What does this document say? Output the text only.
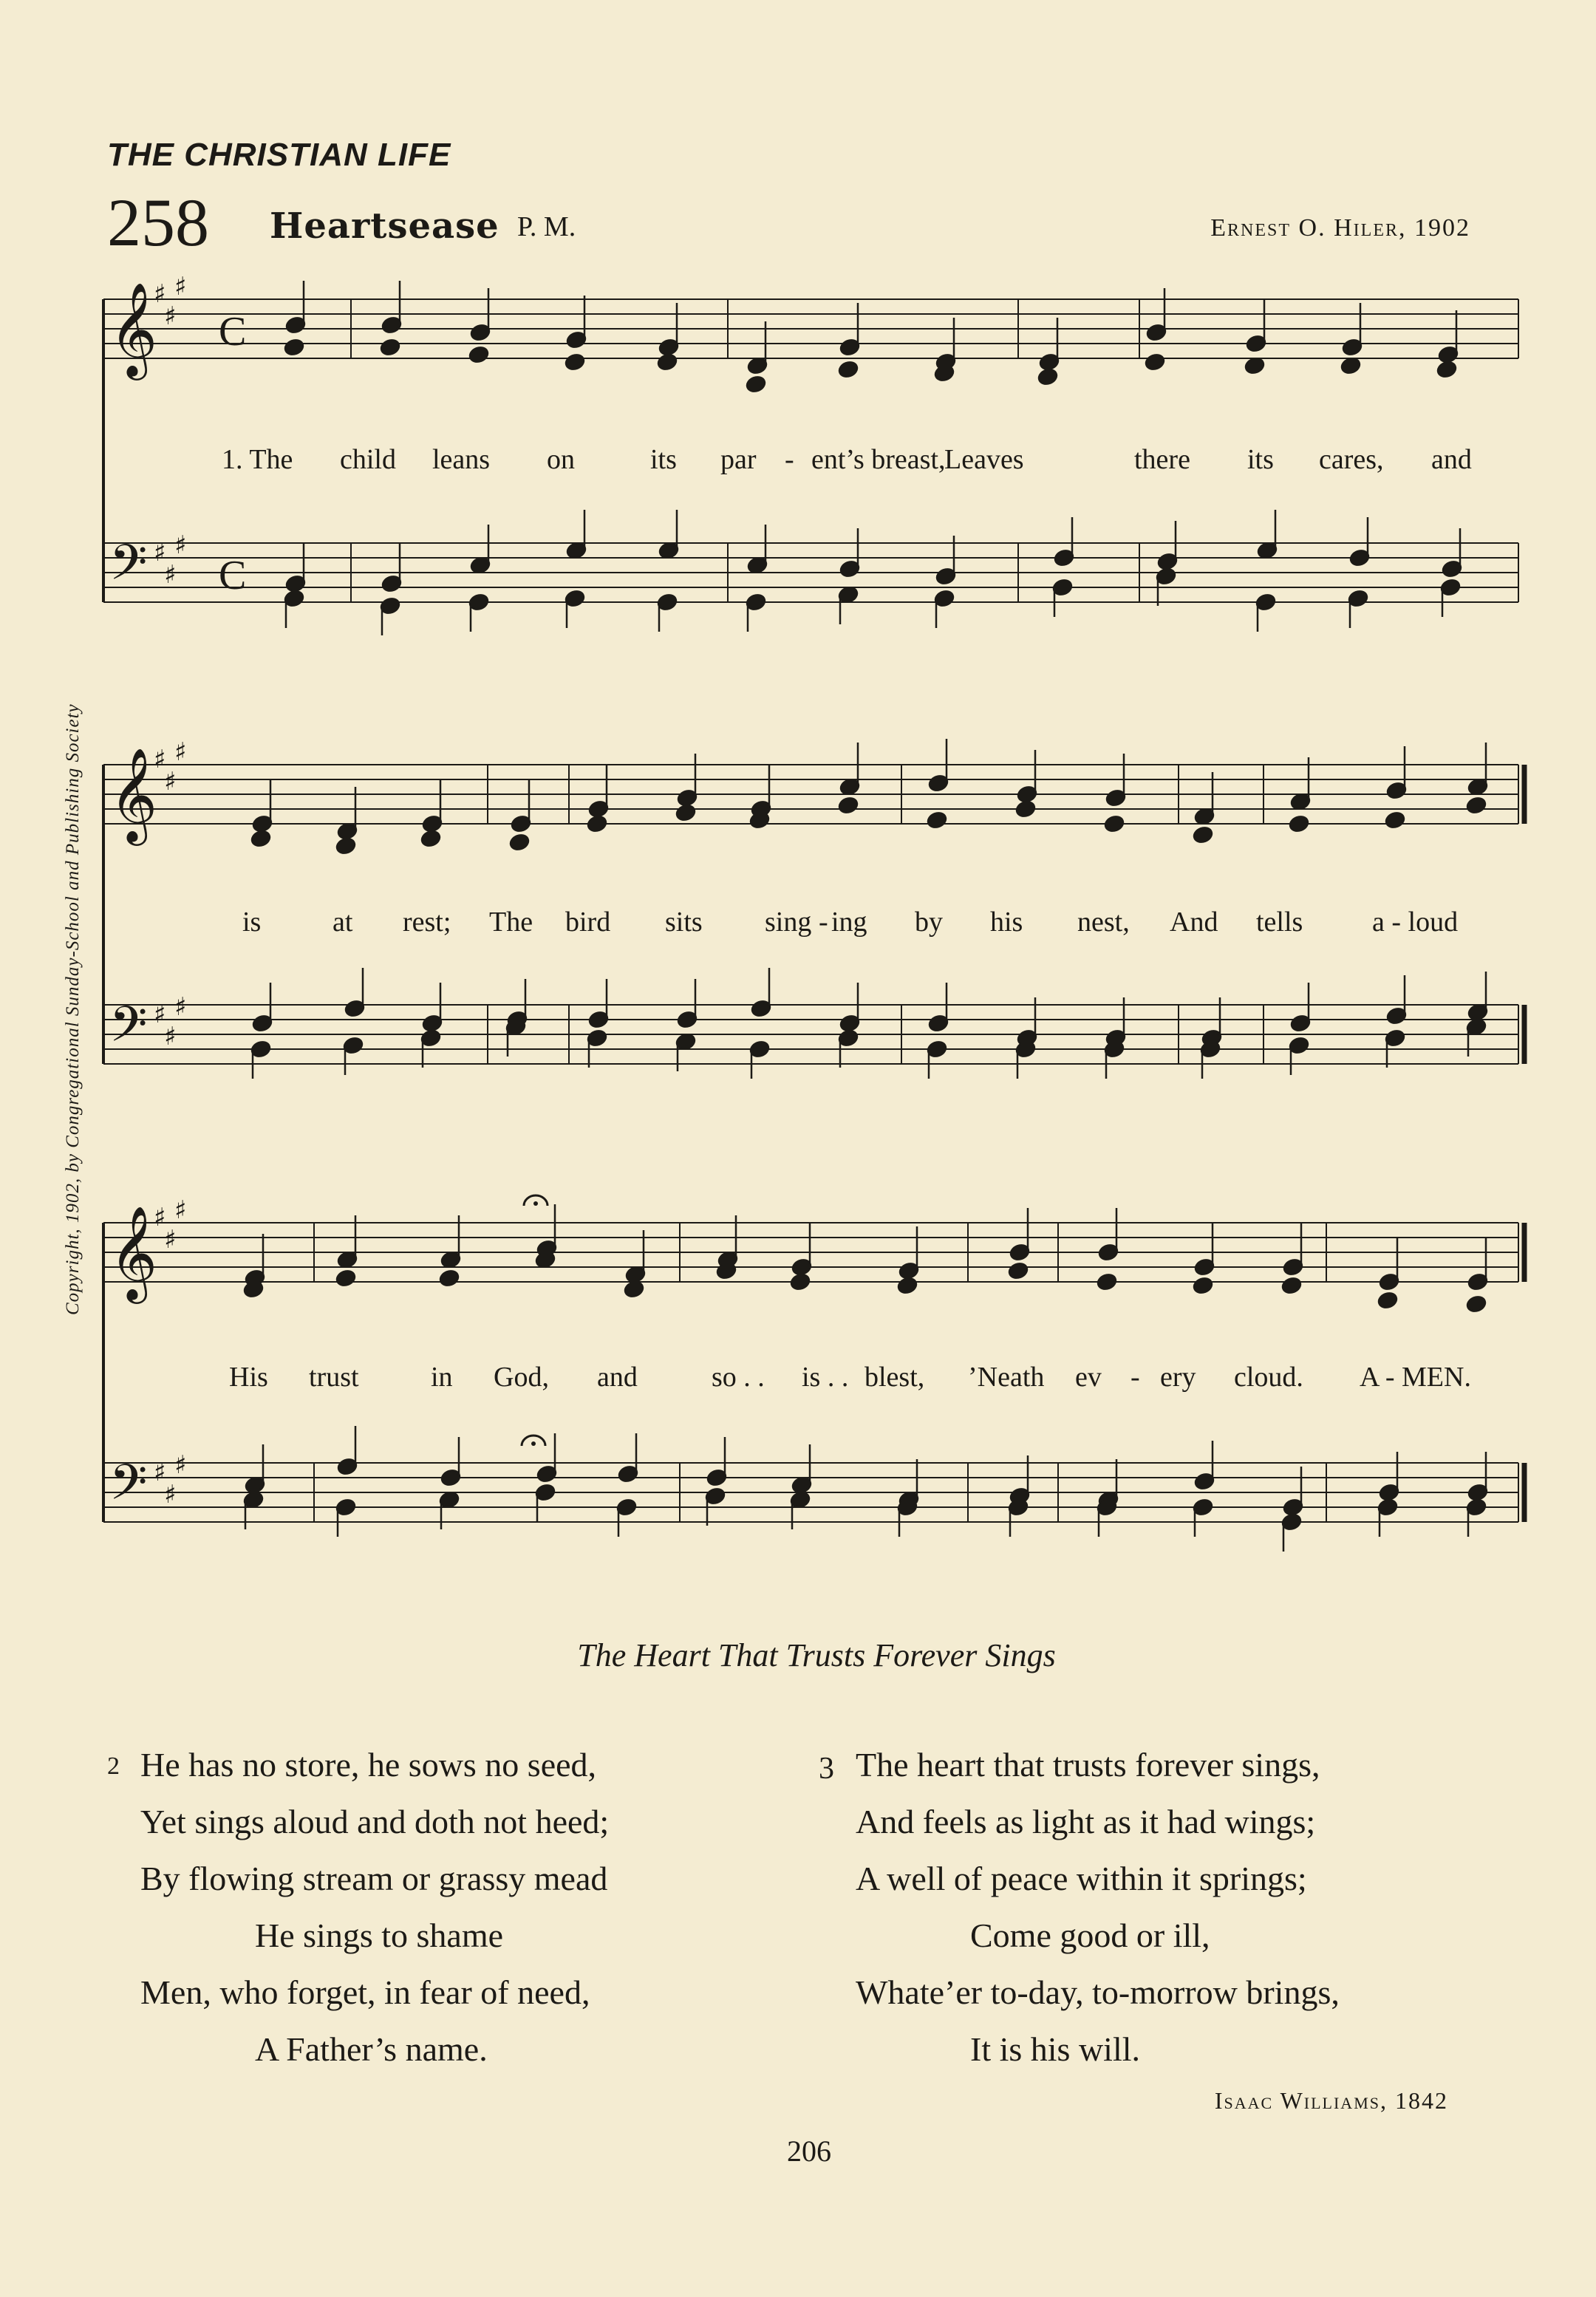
THE CHRISTIAN LIFE
258 Heartsease P. M.	Ernest O. Hiler, 1902
Copyright, 1902, by Congregational Sunday-School and Publishing Society
𝄞
𝄢
♯
♯
♯
♯
♯
♯
C
C
𝄞
𝄢
♯
♯
♯
♯
♯
♯
𝄞
𝄢
♯
♯
♯
♯
♯
♯
1. The child leans on	its par - ent’s breast,
Leaves	there its cares, and
is	at rest; The bird sits sing - ing by his nest, And tells a - loud
His trust	in God, and	so . . is . . blest, ’Neath ev - ery cloud. A - MEN.
The Heart That Trusts Forever Sings
2 He has no store, he sows no seed,
Yet sings aloud and doth not heed;
By flowing stream or grassy mead
He sings to shame
Men, who forget, in fear of need,
A Father’s name.
3 The heart that trusts forever sings,
And feels as light as it had wings;
A well of peace within it springs;
Come good or ill,
Whate’er to-day, to-morrow brings,
It is his will.
Isaac Williams, 1842
206
